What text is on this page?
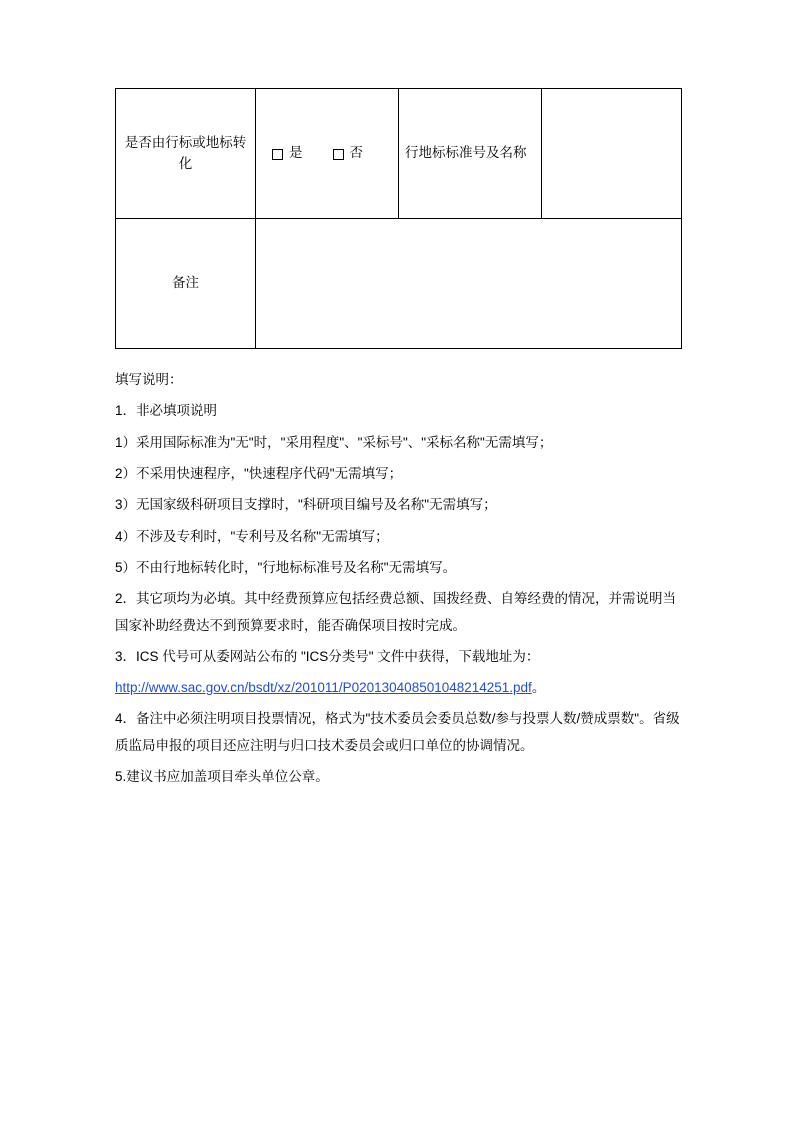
是否由行标或地标转化	是 否	行地标标准号及名称	
备注			

填写说明：

1．非必填项说明

1）采用国际标准为"无"时，"采用程度"、"采标号"、"采标名称"无需填写；

2）不采用快速程序，"快速程序代码"无需填写；

3）无国家级科研项目支撑时，"科研项目编号及名称"无需填写；

4）不涉及专利时，"专利号及名称"无需填写；

5）不由行地标转化时，"行地标标准号及名称"无需填写。

2．其它项均为必填。其中经费预算应包括经费总额、国拨经费、自筹经费的情况，并需说明当国家补助经费达不到预算要求时，能否确保项目按时完成。

3．ICS 代号可从委网站公布的 "ICS分类号" 文件中获得，下载地址为：

http://www.sac.gov.cn/bsdt/xz/201011/P020130408501048214251.pdf。

4．备注中必须注明项目投票情况，格式为"技术委员会委员总数/参与投票人数/赞成票数"。省级质监局申报的项目还应注明与归口技术委员会或归口单位的协调情况。

5.建议书应加盖项目牵头单位公章。
